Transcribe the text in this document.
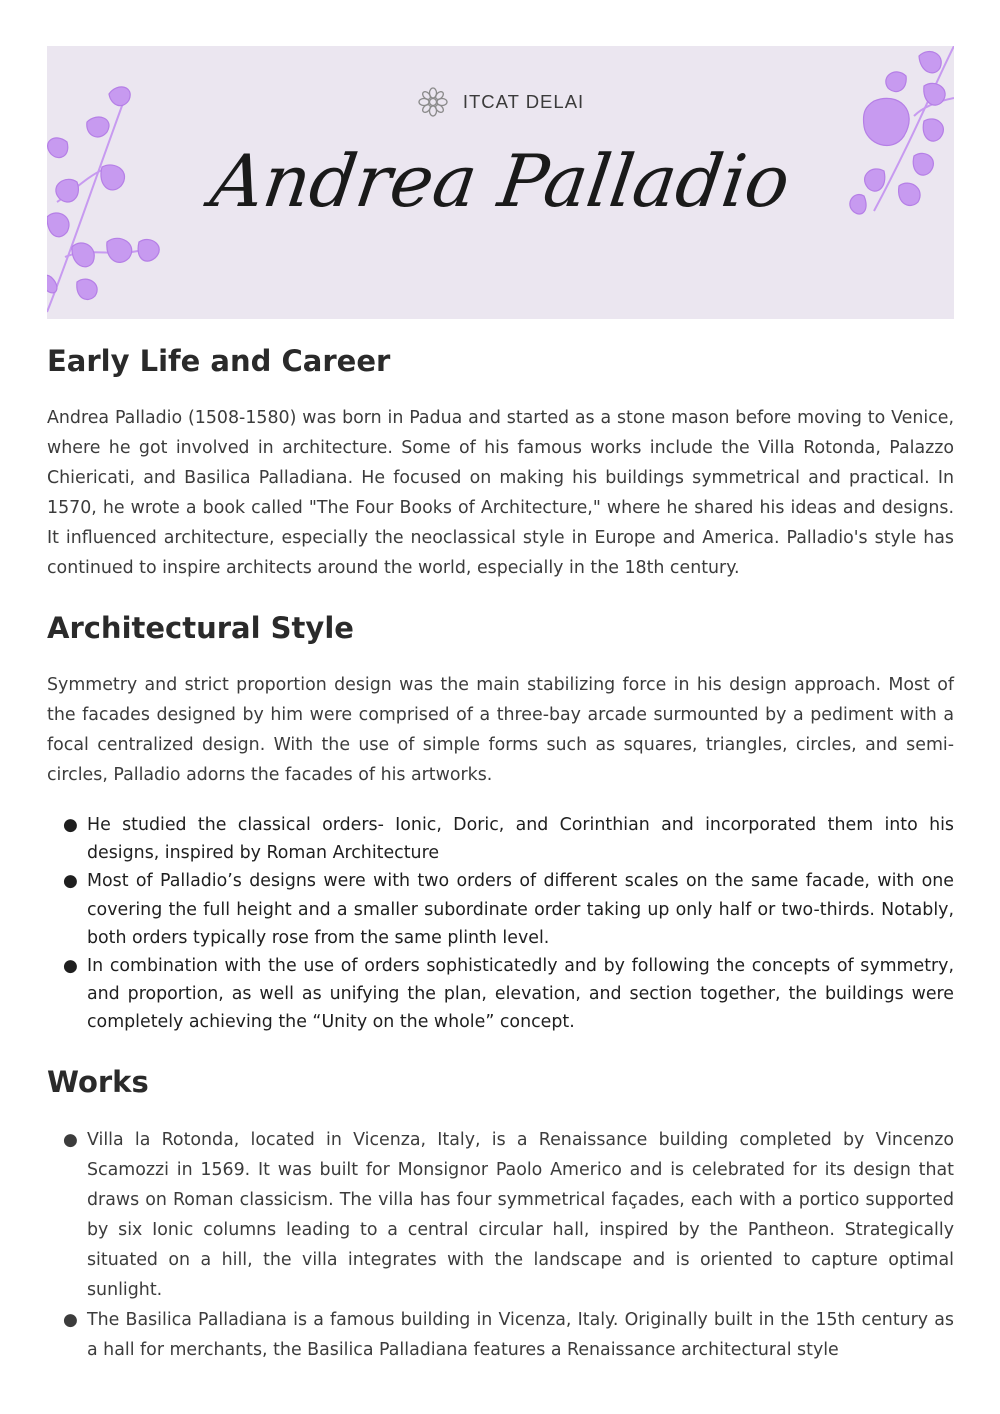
ITCAT DELAI
Andrea Palladio
Early Life and Career

Andrea Palladio (1508-1580) was born in Padua and started as a stone mason before moving to Venice, where he got involved in architecture. Some of his famous works include the Villa Rotonda, Palazzo Chiericati, and Basilica Palladiana. He focused on making his buildings symmetrical and practical. In 1570, he wrote a book called "The Four Books of Architecture," where he shared his ideas and designs. It influenced architecture, especially the neoclassical style in Europe and America. Palladio's style has continued to inspire architects around the world, especially in the 18th century.

Architectural Style

Symmetry and strict proportion design was the main stabilizing force in his design approach. Most of the facades designed by him were comprised of a three-bay arcade surmounted by a pediment with a focal centralized design. With the use of simple forms such as squares, triangles, circles, and semi-circles, Palladio adorns the facades of his artworks.

● He studied the classical orders- Ionic, Doric, and Corinthian and incorporated them into his designs, inspired by Roman Architecture
● Most of Palladio’s designs were with two orders of different scales on the same facade, with one covering the full height and a smaller subordinate order taking up only half or two-thirds. Notably, both orders typically rose from the same plinth level.
● In combination with the use of orders sophisticatedly and by following the concepts of symmetry, and proportion, as well as unifying the plan, elevation, and section together, the buildings were completely achieving the “Unity on the whole” concept.
Works
● Villa la Rotonda, located in Vicenza, Italy, is a Renaissance building completed by Vincenzo Scamozzi in 1569. It was built for Monsignor Paolo Americo and is celebrated for its design that draws on Roman classicism. The villa has four symmetrical façades, each with a portico supported by six Ionic columns leading to a central circular hall, inspired by the Pantheon. Strategically situated on a hill, the villa integrates with the landscape and is oriented to capture optimal sunlight.
● The Basilica Palladiana is a famous building in Vicenza, Italy. Originally built in the 15th century as a hall for merchants, the Basilica Palladiana features a Renaissance architectural style
